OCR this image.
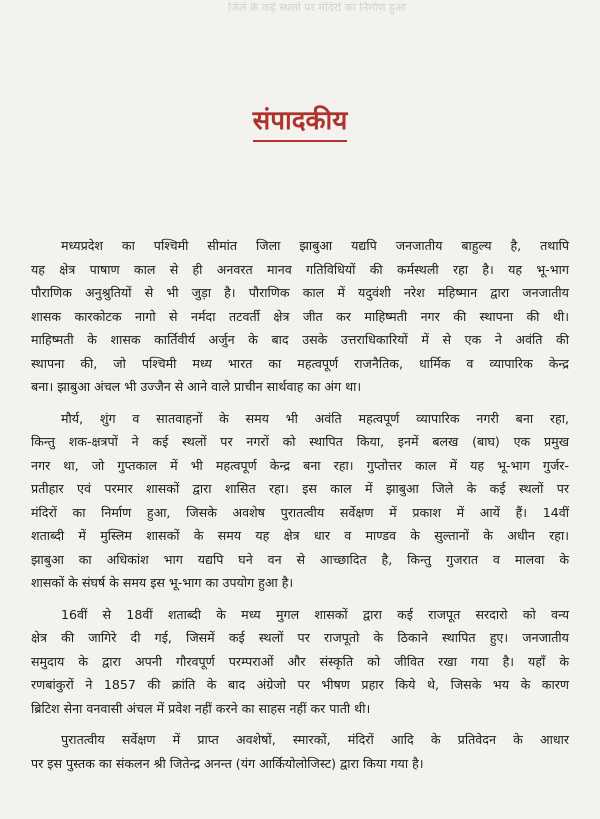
जिले के कई स्थलों पर मंदिरों का निर्माण हुआ
संपादकीय
मध्यप्रदेश का पश्चिमी सीमांत जिला झाबुआ यद्यपि जनजातीय बाहुल्य है, तथापि
यह क्षेत्र पाषाण काल से ही अनवरत मानव गतिविधियों की कर्मस्थली रहा है। यह भू-भाग
पौराणिक अनुश्रुतियों से भी जुड़ा है। पौराणिक काल में यदुवंशी नरेश महिष्मान द्वारा जनजातीय
शासक कारकोटक नागो से नर्मदा तटवर्ती क्षेत्र जीत कर माहिष्मती नगर की स्थापना की थी।
माहिष्मती के शासक कार्तिवीर्य अर्जुन के बाद उसके उत्तराधिकारियों में से एक ने अवंति की
स्थापना की, जो पश्चिमी मध्य भारत का महत्वपूर्ण राजनैतिक, धार्मिक व व्यापारिक केन्द्र
बना। झाबुआ अंचल भी उज्जैन से आने वाले प्राचीन सार्थवाह का अंग था।
मौर्य, शुंग व सातवाहनों के समय भी अवंति महत्वपूर्ण व्यापारिक नगरी बना रहा,
किन्तु शक-क्षत्रपों ने कई स्थलों पर नगरों को स्थापित किया, इनमें बलख (बाघ) एक प्रमुख
नगर था, जो गुप्तकाल में भी महत्वपूर्ण केन्द्र बना रहा। गुप्तोत्तर काल में यह भू-भाग गुर्जर-
प्रतीहार एवं परमार शासकों द्वारा शासित रहा। इस काल में झाबुआ जिले के कई स्थलों पर
मंदिरों का निर्माण हुआ, जिसके अवशेष पुरातत्वीय सर्वेक्षण में प्रकाश में आयें हैं। 14वीं
शताब्दी में मुस्लिम शासकों के समय यह क्षेत्र धार व माण्डव के सुल्तानों के अधीन रहा।
झाबुआ का अधिकांश भाग यद्यपि घने वन से आच्छादित है, किन्तु गुजरात व मालवा के
शासकों के संघर्ष के समय इस भू-भाग का उपयोग हुआ है।
16वीं से 18वीं शताब्दी के मध्य मुगल शासकों द्वारा कई राजपूत सरदारो को वन्य
क्षेत्र की जागिरे दी गई, जिसमें कई स्थलों पर राजपूतो के ठिकाने स्थापित हुए। जनजातीय
समुदाय के द्वारा अपनी गौरवपूर्ण परम्पराओं और संस्कृति को जीवित रखा गया है। यहाँ के
रणबांकुरों ने 1857 की क्रांति के बाद अंग्रेजो पर भीषण प्रहार किये थे, जिसके भय के कारण
ब्रिटिश सेना वनवासी अंचल में प्रवेश नहीं करने का साहस नहीं कर पाती थी।
पुरातत्वीय सर्वेक्षण में प्राप्त अवशेषों, स्मारकों, मंदिरों आदि के प्रतिवेदन के आधार
पर इस पुस्तक का संकलन श्री जितेन्द्र अनन्त (यंग आर्कियोलोजिस्ट) द्वारा किया गया है।
